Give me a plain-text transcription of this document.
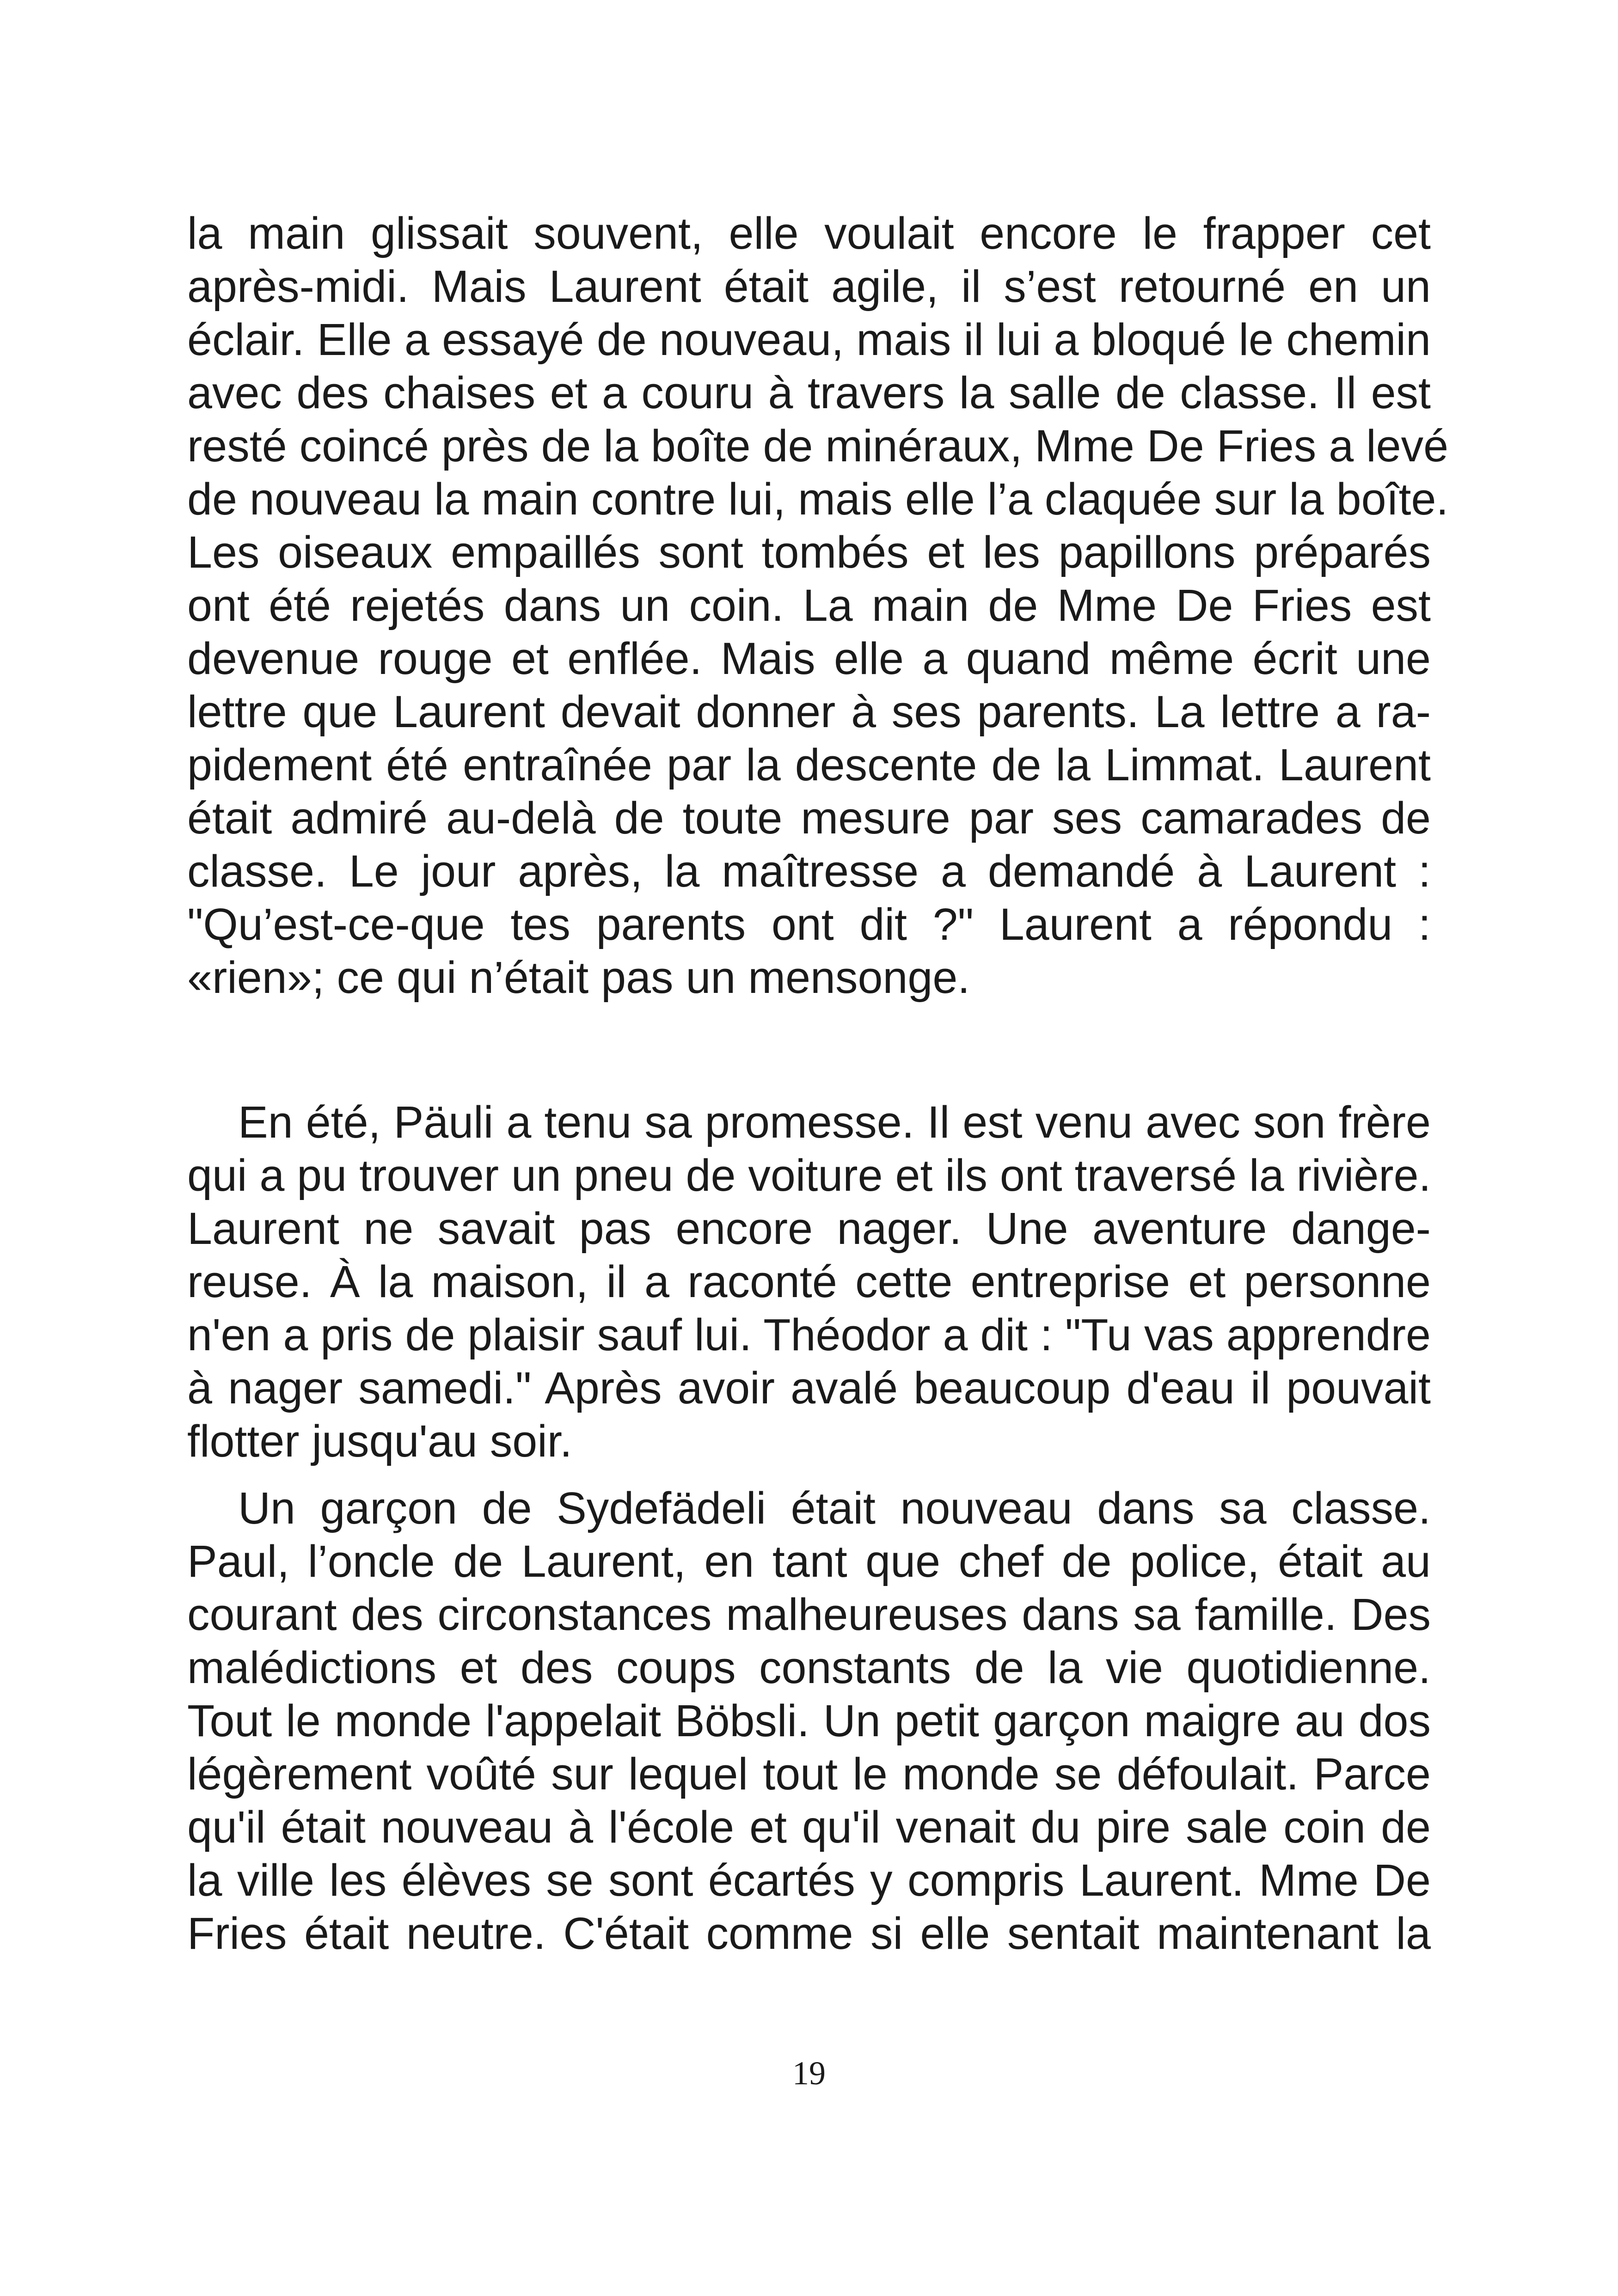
la main glissait souvent, elle voulait encore le frapper cet
après-midi. Mais Laurent était agile, il s’est retourné en un
éclair. Elle a essayé de nouveau, mais il lui a bloqué le chemin
avec des chaises et a couru à travers la salle de classe. Il est
resté coincé près de la boîte de minéraux, Mme De Fries a levé
de nouveau la main contre lui, mais elle l’a claquée sur la boîte.
Les oiseaux empaillés sont tombés et les papillons préparés
ont été rejetés dans un coin. La main de Mme De Fries est
devenue rouge et enflée. Mais elle a quand même écrit une
lettre que Laurent devait donner à ses parents. La lettre a ra-
pidement été entraînée par la descente de la Limmat. Laurent
était admiré au-delà de toute mesure par ses camarades de
classe. Le jour après, la maîtresse a demandé à Laurent :
"Qu’est-ce-que tes parents ont dit ?" Laurent a répondu :
«rien»; ce qui n’était pas un mensonge.
En été, Päuli a tenu sa promesse. Il est venu avec son frère
qui a pu trouver un pneu de voiture et ils ont traversé la rivière.
Laurent ne savait pas encore nager. Une aventure dange-
reuse. À la maison, il a raconté cette entreprise et personne
n'en a pris de plaisir sauf lui. Théodor a dit : "Tu vas apprendre
à nager samedi." Après avoir avalé beaucoup d'eau il pouvait
flotter jusqu'au soir.
Un garçon de Sydefädeli était nouveau dans sa classe.
Paul, l’oncle de Laurent, en tant que chef de police, était au
courant des circonstances malheureuses dans sa famille. Des
malédictions et des coups constants de la vie quotidienne.
Tout le monde l'appelait Böbsli. Un petit garçon maigre au dos
légèrement voûté sur lequel tout le monde se défoulait. Parce
qu'il était nouveau à l'école et qu'il venait du pire sale coin de
la ville les élèves se sont écartés y compris Laurent. Mme De
Fries était neutre. C'était comme si elle sentait maintenant la
19
